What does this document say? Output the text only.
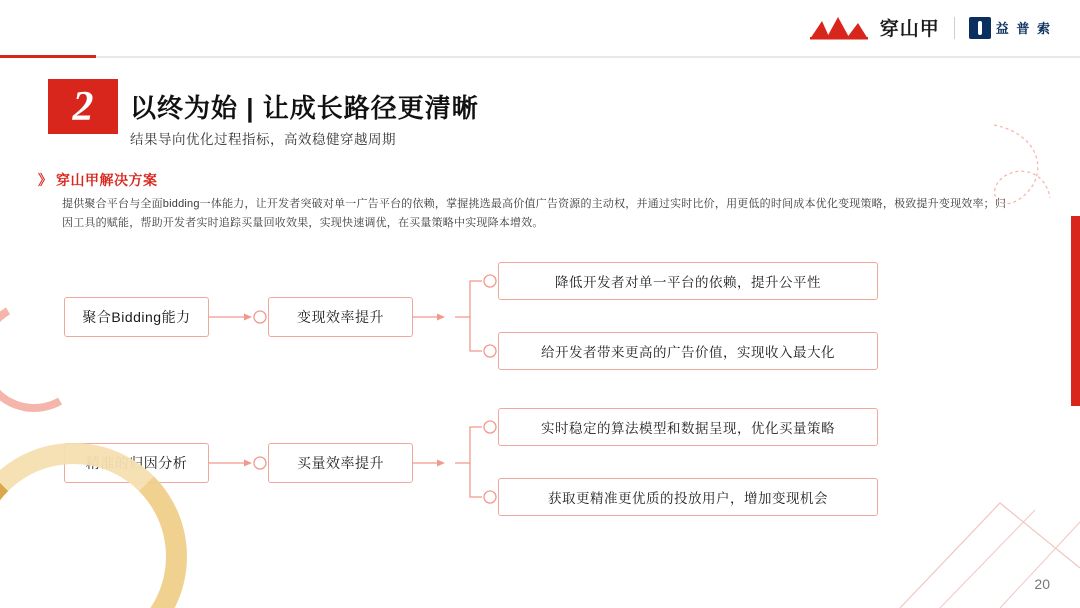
穿山甲	益 普 索
2	以终为始 | 让成长路径更清晰
结果导向优化过程指标，高效稳健穿越周期
》 穿山甲解决方案
提供聚合平台与全面bidding一体能力，让开发者突破对单一广告平台的依赖，掌握挑选最高价值广告资源的主动权，并通过实时比价，用更低的时间成本优化变现策略，极致提升变现效率；归因工具的赋能，帮助开发者实时追踪买量回收效果，实现快速调优，在买量策略中实现降本增效。
聚合Bidding能力	变现效率提升
降低开发者对单一平台的依赖，提升公平性
给开发者带来更高的广告价值，实现收入最大化
精准的归因分析	买量效率提升
实时稳定的算法模型和数据呈现，优化买量策略
获取更精准更优质的投放用户，增加变现机会
20
